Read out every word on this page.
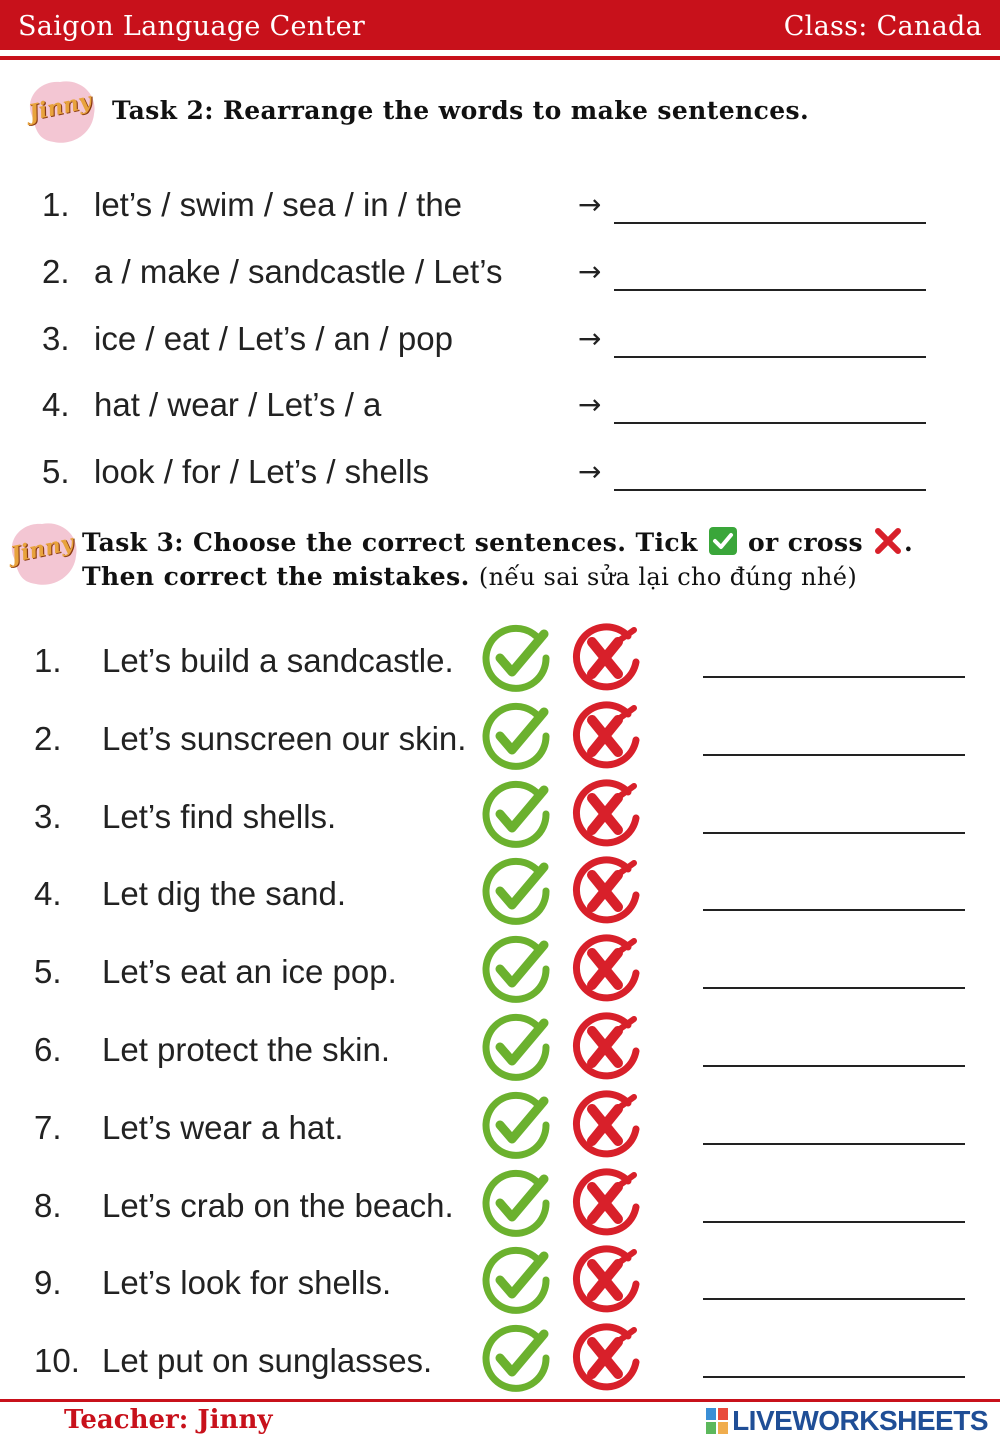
Saigon Language Center	Class: Canada
Jinny Task 2: Rearrange the words to make sentences.
1. let’s / swim / sea / in / the	→
2. a / make / sandcastle / Let’s	→
3. ice / eat / Let’s / an / pop	→
4. hat / wear / Let’s / a	→
5. look / for / Let’s / shells	→
Jinny Task 3: Choose the correct sentences. Tick or cross .
Then correct the mistakes. (nếu sai sửa lại cho đúng nhé)
1. Let’s build a sandcastle.
2. Let’s sunscreen our skin.
3. Let’s find shells.
4. Let dig the sand.
5. Let’s eat an ice pop.
6. Let protect the skin.
7. Let’s wear a hat.
8. Let’s crab on the beach.
9. Let’s look for shells.
10. Let put on sunglasses.
Teacher: Jinny	LIVEWORKSHEETS
